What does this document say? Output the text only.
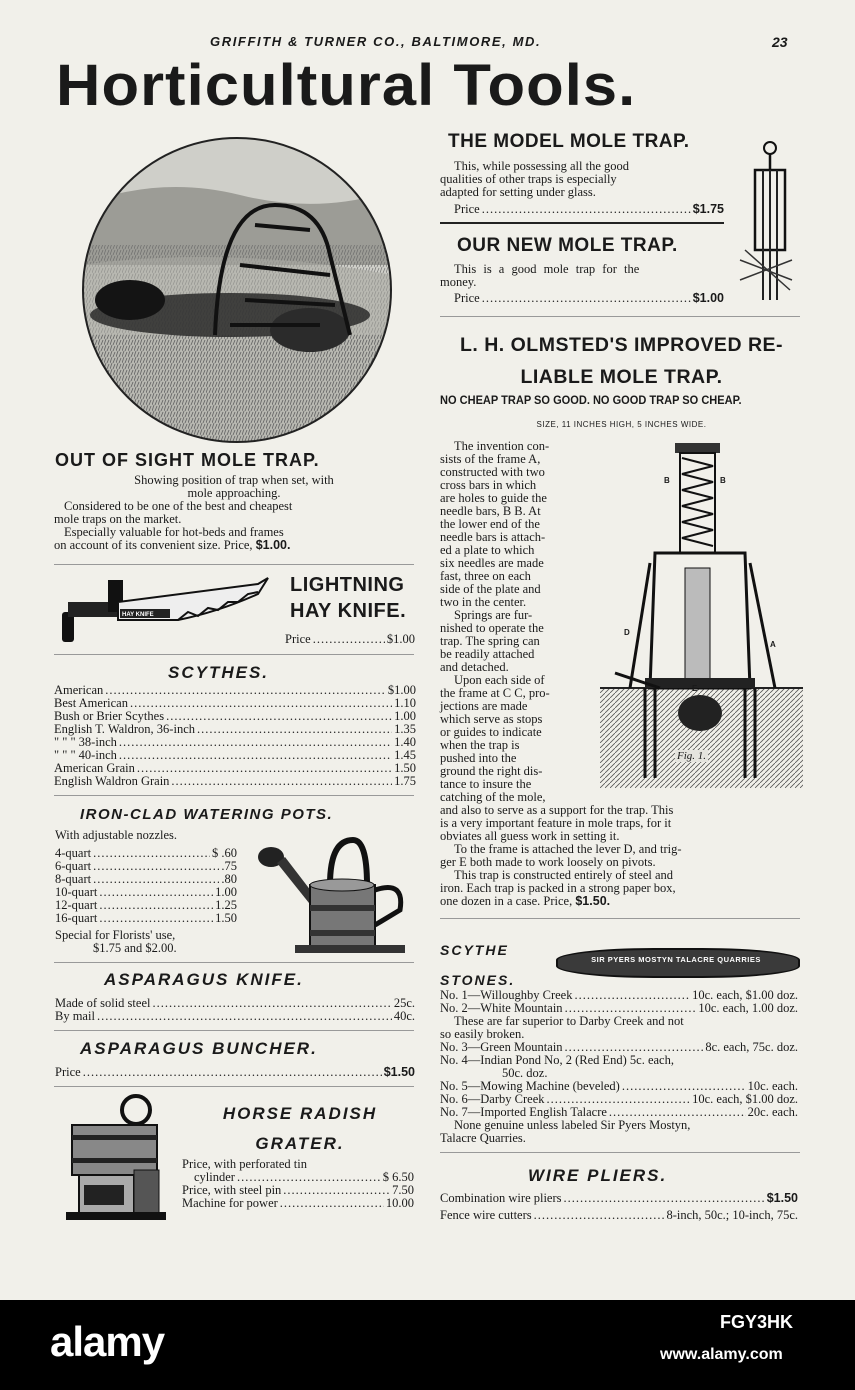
GRIFFITH & TURNER CO., BALTIMORE, MD.	23
Horticultural Tools.
OUT OF SIGHT MOLE TRAP.
Showing position of trap when set, with
mole approaching.
Considered to be one of the best and cheapest
mole traps on the market.
Especially valuable for hot-beds and frames
on account of its convenient size. Price, $1.00.
HAY KNIFE
LIGHTNING
HAY KNIFE.
Price .....	$1.00
SCYTHES.
American .....	$1.00
Best American .....	1.10
Bush or Brier Scythes .....	1.00
English T. Waldron, 36-inch .....	1.35
" " " 38-inch .....	1.40
" " " 40-inch .....	1.45
American Grain .....	1.50
English Waldron Grain .....	1.75
IRON-CLAD WATERING POTS.
With adjustable nozzles.
4-quart .....	$ .60
6-quart .....	.75
8-quart .....	.80
10-quart .....	1.00
12-quart .....	1.25
16-quart .....	1.50
Special for Florists' use,
$1.75 and $2.00.
ASPARAGUS KNIFE.
Made of solid steel .....	25c.
By mail .....	40c.
ASPARAGUS BUNCHER.
Price .....	$1.50
HORSE RADISH
GRATER.
Price, with perforated tin
cylinder .....	$ 6.50
Price, with steel pin .....	7.50
Machine for power .....	10.00
THE MODEL MOLE TRAP.
This, while possessing all the good
qualities of other traps is especially
adapted for setting under glass.
Price .....	$1.75
OUR NEW MOLE TRAP.
This is a good mole trap for the
money.
Price .....	$1.00
L. H. OLMSTED'S IMPROVED RE-
LIABLE MOLE TRAP.
NO CHEAP TRAP SO GOOD. NO GOOD TRAP SO CHEAP.
SIZE, 11 INCHES HIGH, 5 INCHES WIDE.
The invention con-
sists of the frame A,
constructed with two
cross bars in which
are holes to guide the
needle bars, B B. At
the lower end of the
needle bars is attach-
ed a plate to which
six needles are made
fast, three on each
side of the plate and
two in the center.
Springs are fur-
nished to operate the
trap. The spring can
be readily attached
and detached.
Upon each side of
the frame at C C, pro-
jections are made
which serve as stops
or guides to indicate
when the trap is
pushed into the
ground the right dis-
tance to insure the
catching of the mole,
B	B
D
A
E
Fig. 1.
and also to serve as a support for the trap. This
is a very important feature in mole traps, for it
obviates all guess work in setting it.
To the frame is attached the lever D, and trig-
ger E both made to work loosely on pivots.
This trap is constructed entirely of steel and
iron. Each trap is packed in a strong paper box,
one dozen in a case. Price, $1.50.
SCYTHE
STONES.
SIR PYERS MOSTYN TALACRE QUARRIES
No. 1—Willoughby Creek .....	10c. each, $1.00 doz.
No. 2—White Mountain .....	10c. each, 1.00 doz.
These are far superior to Darby Creek and not
so easily broken.
No. 3—Green Mountain .....	8c. each, 75c. doz.
No. 4—Indian Pond No, 2 (Red End) 5c. each,
50c. doz.
No. 5—Mowing Machine (beveled) .....	10c. each.
No. 6—Darby Creek .....	10c. each, $1.00 doz.
No. 7—Imported English Talacre .....	20c. each.
None genuine unless labeled Sir Pyers Mostyn,
Talacre Quarries.
WIRE PLIERS.
Combination wire pliers .....	$1.50
Fence wire cutters .....	8-inch, 50c.; 10-inch, 75c.
alamy	FGY3HK
www.alamy.com
